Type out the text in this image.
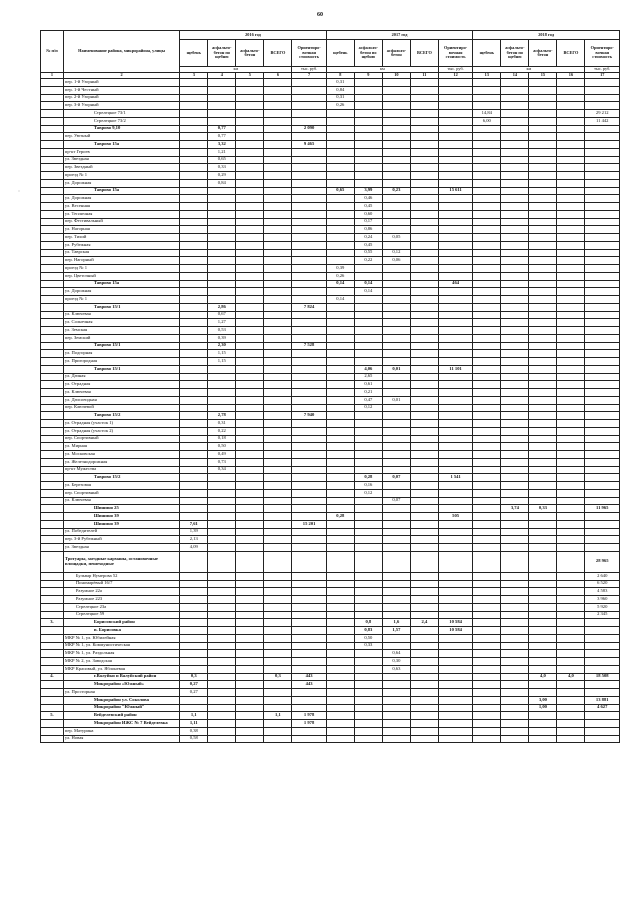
60
ˌ
№ п/п	Наименование района, микрорайона, улицы	2016 год					2017 год					2018 год				
		щебень	асфальто-бетон по щебню	асфальто-бетон	ВСЕГО	Ориентиро-вочная стоимость	щебень	асфальто-бетон по щебню	асфальто-бетон	ВСЕГО	Ориентиро-вочная стоимость	щебень	асфальто-бетон по щебню	асфальто-бетон	ВСЕГО	Ориентиро-вочная стоимость
		км				тыс. руб.	км				тыс. руб.	км				тыс. руб.
1	2	3	4	5	6	7	8	9	10	11	12	13	14	15	16	17
	пер. 1-й Узорный						0,31									
	пер. 1-й Честный						0,84									
	пер. 2-й Узорный						0,31									
	пер. 3-й Узорный						0,26									
	Стрелецкое 73/1											14,84				29 212
	Стрелецкое 73/2											6,00				11 442
	Таврово 9,10		0,77			2 090										
	пер. Уютный		0,77													
	Таврово 15а		3,32			9 465										
	пр-кт Героев		1,21													
	ул. Звездная		0,65													
	пер. Звездный		0,33													
	проезд № 1		0,29													
	ул. Дорожная		0,84													
	Таврово 15а						0,65	3,99	0,23		15 611					
	ул. Дорожная							0,46								
	ул. Весенняя							0,45								
	ул. Тепличная							0,60								
	пер. Фестивальный							0,17								
	ул. Нагорная							0,86								
	пер. Тихий							0,24	0,05							
	ул. Рубежная							0,45								
	ул. Таврская							0,55	0,12							
	пер. Нагорный							0,22	0,06							
	проезд № 1						0,39									
	пер. Цветочный						0,26									
	Таврово 15а						0,14	0,14			464					
	ул. Дорожная							0,14								
	проезд № 1						0,14									
	Таврово 15/1		2,86			7 824										
	ул. Ключевая		0,67													
	ул. Солнечная		1,27													
	ул. Земская		0,53													
	пер. Земский		0,39													
	Таврово 15/1		2,30			7 528										
	ул. Подгорная		1,15													
	ул. Пригородная		1,15													
	Таврово 15/1							4,06	0,01		11 101					
	ул. Дачная							2,65								
	ул. Отрадная							0,61								
	ул. Ключевая							0,21								
	ул. Дачсоеидная							0,47	0,01							
	пер. Ключевой							0,12								
	Таврово 15/2		2,78			7 940										
	ул. Отрадная (участок 1)		0,31													
	ул. Отрадная (участок 2)		0,22													
	пер. Спортивный		0,18													
	ул. Мирная		0,50													
	ул. Московская		0,49													
	ул. Железнодорожная		0,73													
	пр-кт Мужества		0,34													
	Таврово 15/2							0,28	0,07		1 541					
	ул. Березовая							0,16								
	пер. Спортивный							0,12								
	ул. Ключевая								0,07							
	Шишино 25												3,74	0,33		11 965
	Шишино 39						0,28				505					
	Шишино 39	7,61				15 201										
	ул. Победителей	1,39														
	пер. 3-й Рубежный	2,13														
	ул. Звездная	4,09														
	Тротуары, заездные карманы, остановочные площадки, пешеходные															28 965
	Бульвар Нумерова 52															2 640
	Пономарёвый 16/7															6 520
	Разумное 22а															4 583
	Разумное 223															3 960
	Стрелецкое 23а															5 920
	Стрелецкое 59															2 345
3.	Борисовский район							0,8	1,6	2,4	10 584					
	п. Борисовка							0,83	1,57		10 584					
	МКР № 1, ул. Юбилейная							0,50								
	МКР № 1, ул. Коммунистическая							0,33								
	МКР № 1, ул. Раздольная								0,64							
	МКР № 2, ул. Заводская								0,30							
	МКР Красивый, ул. Яблоневая								0,63							
4.	г.Валуйки и Валуйский район	0,3			0,3	443								4,0	4,0	18 508
	Микрорайон «Южный»	0,27				443										
	ул. Просторная	0,27														
	Микрорайон ул. Соколова													3,00		13 881
	Микрорайон "Южный"													1,00		4 627
5.	Вейделевский район	1,1			1,1	1 978										
	Микрорайон ИЖС № 7 Вейделевка	1,11				1 978										
	пер. Матурина	0,38														
	ул. Новая	0,58														
